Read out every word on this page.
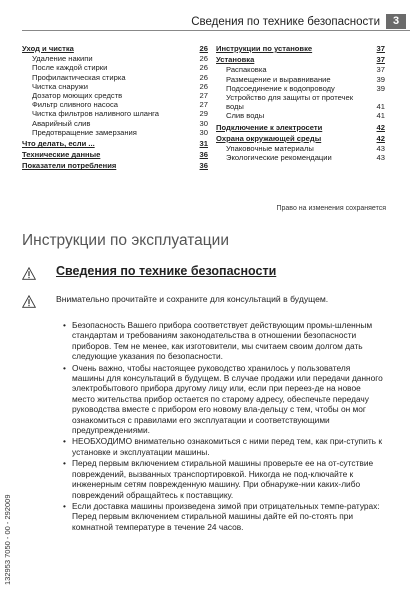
Сведения по технике безопасности	3
Уход и чистка	26
Удаление накипи	26
После каждой стирки	26
Профилактическая стирка	26
Чистка снаружи	26
Дозатор моющих средств	27
Фильтр сливного насоса	27
Чистка фильтров наливного шланга	29
Аварийный слив	30
Предотвращение замерзания	30
Что делать, если ...	31
Технические данные	36
Показатели потребления	36
Инструкции по установке	37
Установка	37
Распаковка	37
Размещение и выравнивание	39
Подсоединение к водопроводу	39
Устройство для защиты от протечек воды	41
Слив воды	41
Подключение к электросети	42
Охрана окружающей среды	42
Упаковочные материалы	43
Экологические рекомендации	43
Право на изменения сохраняется
Инструкции по эксплуатации
Сведения по технике безопасности
Внимательно прочитайте и сохраните для консультаций в будущем.
• Безопасность Вашего прибора соответствует действующим промы-шленным стандартам и требованиям законодательства в отношении безопасности приборов. Тем не менее, как изготовители, мы считаем своим долгом дать следующие указания по безопасности.
• Очень важно, чтобы настоящее руководство хранилось у пользователя машины для консультаций в будущем. В случае продажи или передачи данного электробытового прибора другому лицу или, если при переез-де на новое место жительства прибор остается по старому адресу, обеспечьте передачу руководства вместе с прибором его новому вла-дельцу с тем, чтобы он мог ознакомиться с правилами его эксплуатации и соответствующими предупреждениями.
• НЕОБХОДИМО внимательно ознакомиться с ними перед тем, как при-ступить к установке и эксплуатации машины.
• Перед первым включением стиральной машины проверьте ее на от-сутствие повреждений, вызванных транспортировкой. Никогда не под-ключайте к инженерным сетям поврежденную машину. При обнаруже-нии каких-либо повреждений обращайтесь к поставщику.
• Если доставка машины произведена зимой при отрицательных темпе-ратурах: Перед первым включением стиральной машины дайте ей по-стоять при комнатной температуре в течение 24 часов.
132953 7050 - 00 - 292009
